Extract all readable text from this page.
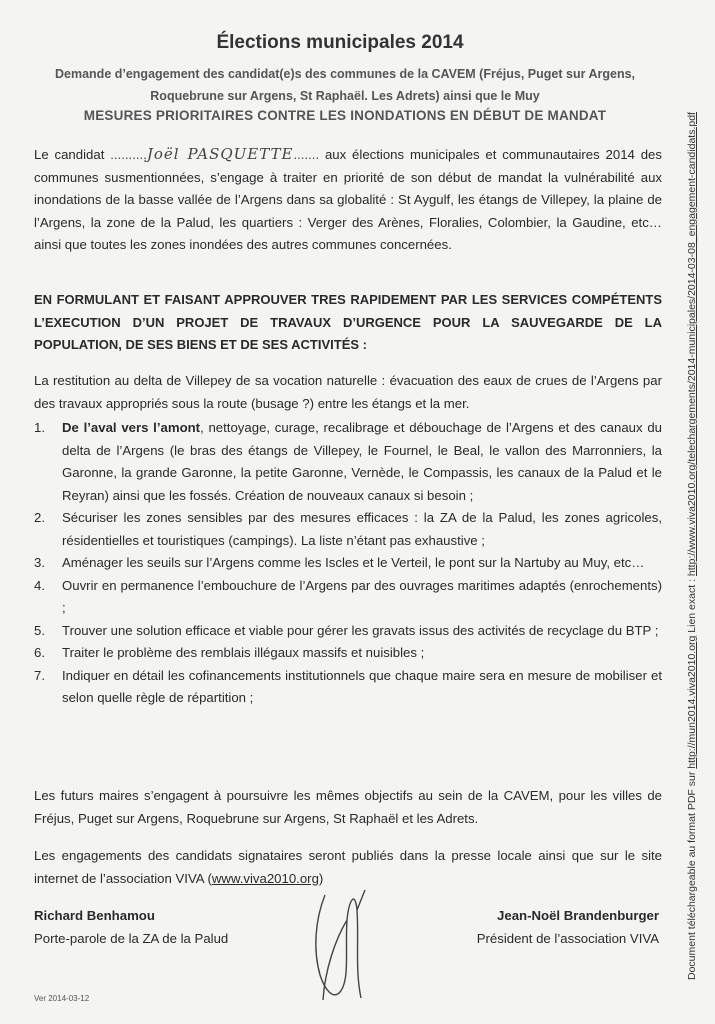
Élections municipales 2014
Demande d’engagement des candidat(e)s des communes de la CAVEM (Fréjus, Puget sur Argens, Roquebrune sur Argens, St Raphaël. Les Adrets) ainsi que le Muy
MESURES PRIORITAIRES CONTRE LES INONDATIONS EN DÉBUT DE MANDAT
Le candidat ..........Joël PASQUETTE....... aux élections municipales et communautaires 2014 des communes susmentionnées, s’engage à traiter en priorité de son début de mandat la vulnérabilité aux inondations de la basse vallée de l’Argens dans sa globalité : St Aygulf, les étangs de Villepey, la plaine de l’Argens, la zone de la Palud, les quartiers : Verger des Arènes, Floralies, Colombier, la Gaudine, etc… ainsi que toutes les zones inondées des autres communes concernées.
EN FORMULANT ET FAISANT APPROUVER TRES RAPIDEMENT PAR LES SERVICES COMPÉTENTS L’EXECUTION D’UN PROJET DE TRAVAUX D’URGENCE POUR LA SAUVEGARDE DE LA POPULATION, DE SES BIENS ET DE SES ACTIVITÉS :
La restitution au delta de Villepey de sa vocation naturelle : évacuation des eaux de crues de l’Argens par des travaux appropriés sous la route (busage ?) entre les étangs et la mer.
1. De l’aval vers l’amont, nettoyage, curage, recalibrage et débouchage de l’Argens et des canaux du delta de l’Argens (le bras des étangs de Villepey, le Fournel, le Beal, le vallon des Marronniers, la Garonne, la grande Garonne, la petite Garonne, Vernède, le Compassis, les canaux de la Palud et le Reyran) ainsi que les fossés. Création de nouveaux canaux si besoin ;
2. Sécuriser les zones sensibles par des mesures efficaces : la ZA de la Palud, les zones agricoles, résidentielles et touristiques (campings). La liste n’étant pas exhaustive ;
3. Aménager les seuils sur l’Argens comme les Iscles et le Verteil, le pont sur la Nartuby au Muy, etc…
4. Ouvrir en permanence l’embouchure de l’Argens par des ouvrages maritimes adaptés (enrochements) ;
5. Trouver une solution efficace et viable pour gérer les gravats issus des activités de recyclage du BTP ;
6. Traiter le problème des remblais illégaux massifs et nuisibles ;
7. Indiquer en détail les cofinancements institutionnels que chaque maire sera en mesure de mobiliser et selon quelle règle de répartition ;
Les futurs maires s’engagent à poursuivre les mêmes objectifs au sein de la CAVEM, pour les villes de Fréjus, Puget sur Argens, Roquebrune sur Argens, St Raphaël et les Adrets.
Les engagements des candidats signataires seront publiés dans la presse locale ainsi que sur le site internet de l’association VIVA (www.viva2010.org)
Richard Benhamou
Porte-parole de la ZA de la Palud
Jean-Noël Brandenburger
Président de l’association VIVA
Ver 2014-03-12
Document téléchargeable au format PDF sur http://mun2014.viva2010.org Lien exact : http://www.viva2010.org/telechargements/2014-municipales/2014-03-08_engagement-candidats.pdf
